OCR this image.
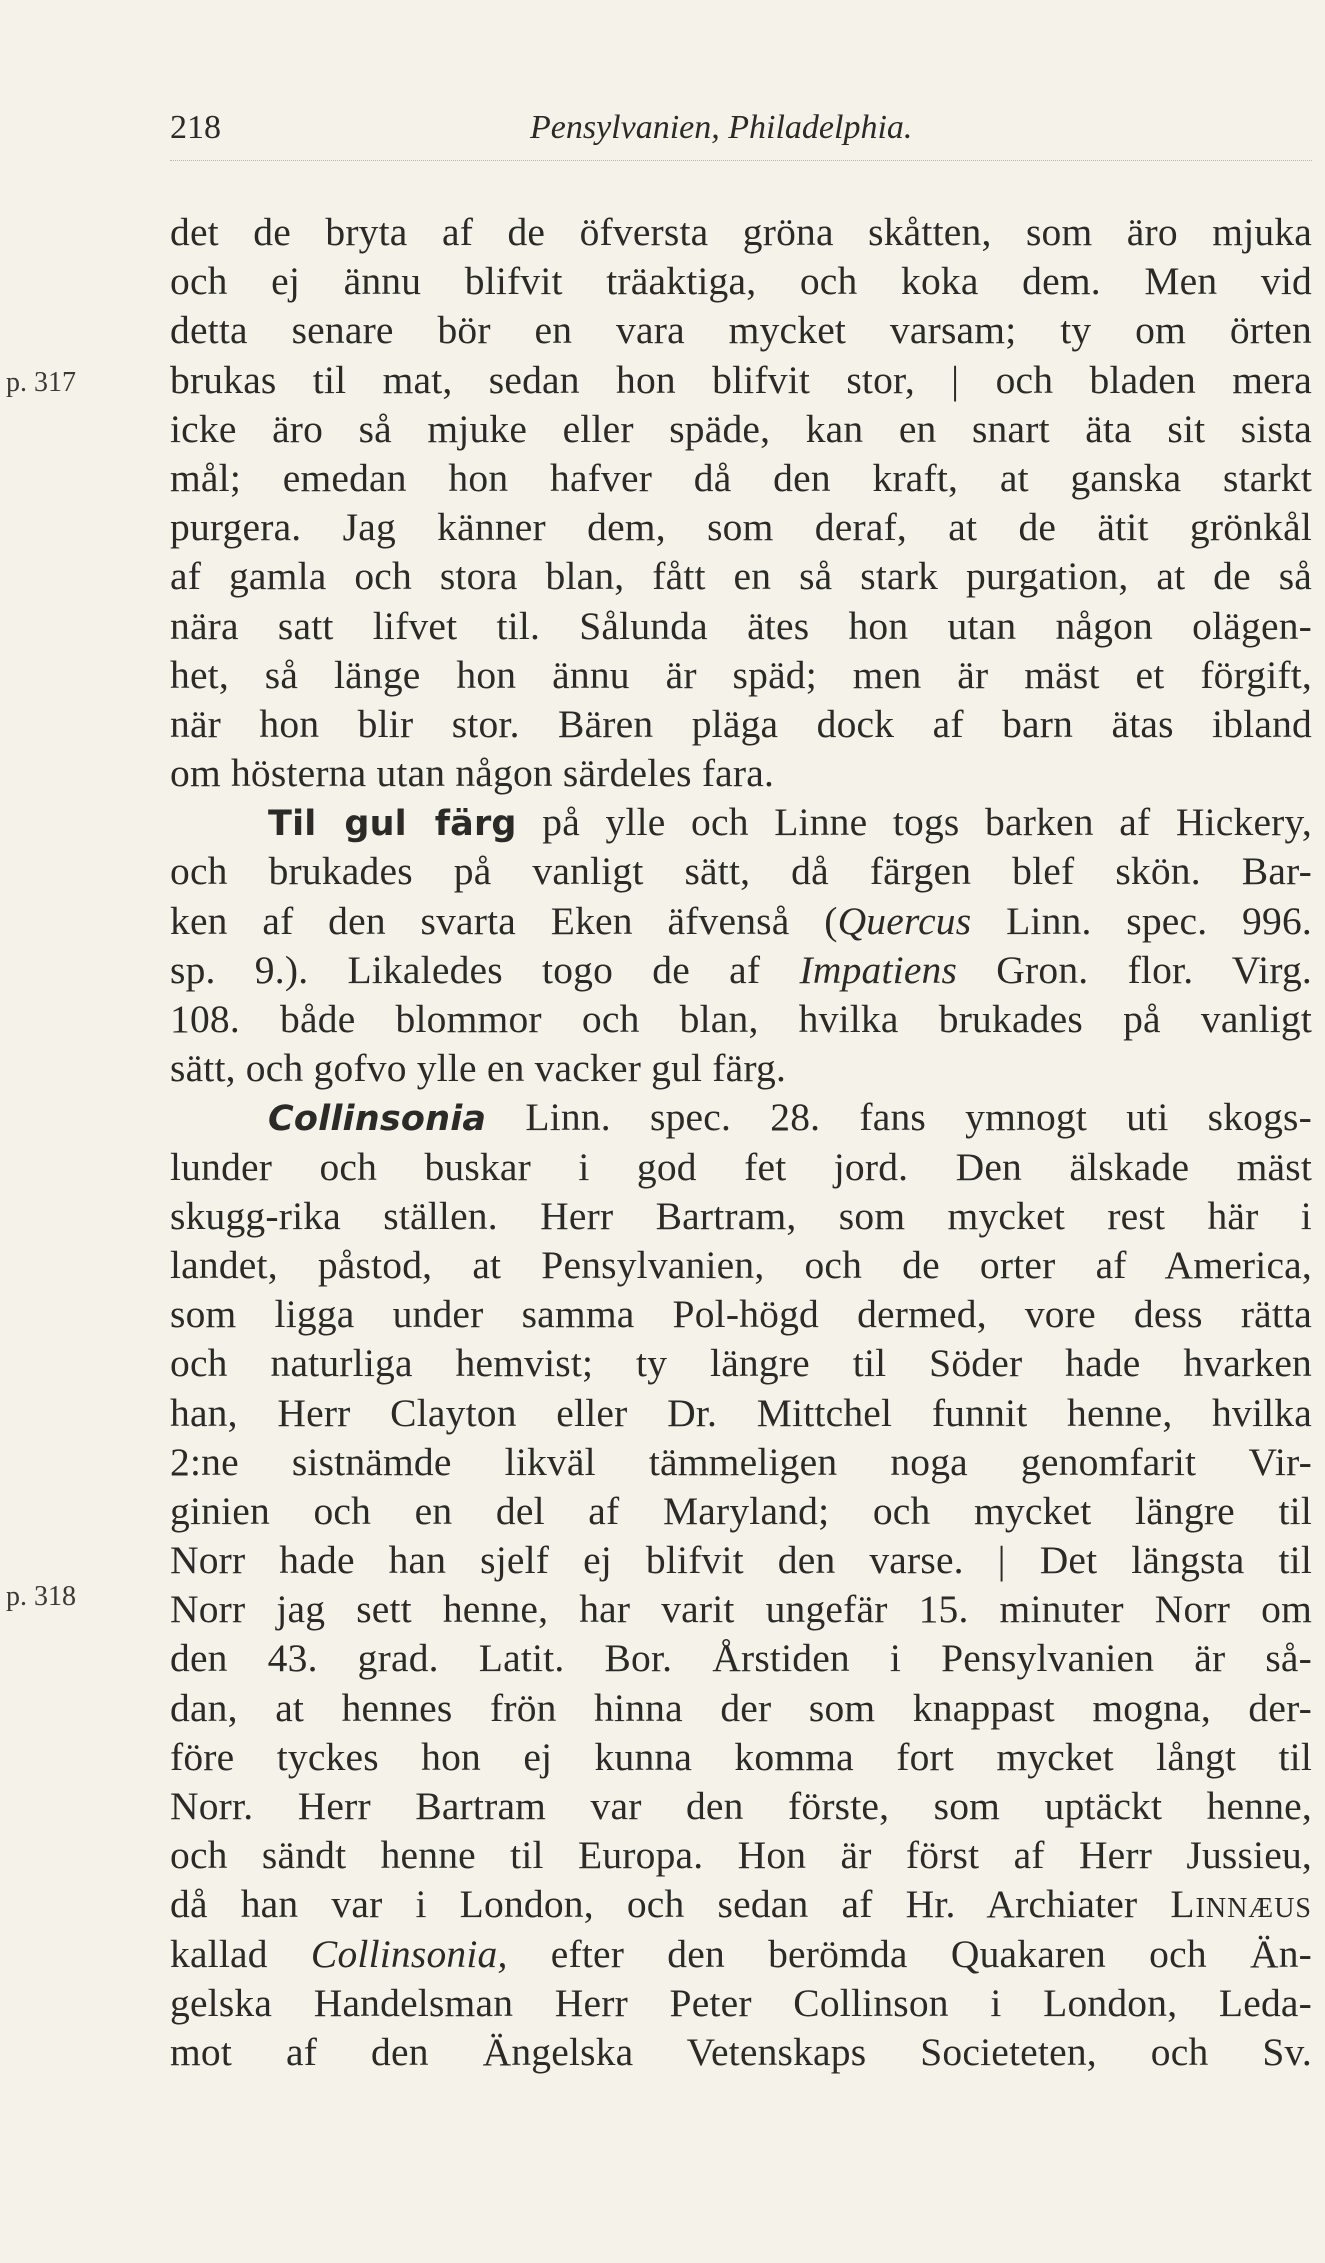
218	Pensylvanien, Philadelphia.
p. 317
p. 318
det de bryta af de öfversta gröna skåtten, som äro mjuka
och ej ännu blifvit träaktiga, och koka dem. Men vid
detta senare bör en vara mycket varsam; ty om örten
brukas til mat, sedan hon blifvit stor, | och bladen mera
icke äro så mjuke eller späde, kan en snart äta sit sista
mål; emedan hon hafver då den kraft, at ganska starkt
purgera. Jag känner dem, som deraf, at de ätit grönkål
af gamla och stora blan, fått en så stark purgation, at de så
nära satt lifvet til. Sålunda ätes hon utan någon olägen-
het, så länge hon ännu är späd; men är mäst et förgift,
när hon blir stor. Bären pläga dock af barn ätas ibland
om hösterna utan någon särdeles fara.
Til gul färg på ylle och Linne togs barken af Hickery,
och brukades på vanligt sätt, då färgen blef skön. Bar-
ken af den svarta Eken äfvenså (Quercus Linn. spec. 996.
sp. 9.). Likaledes togo de af Impatiens Gron. flor. Virg.
108. både blommor och blan, hvilka brukades på vanligt
sätt, och gofvo ylle en vacker gul färg.
Collinsonia Linn. spec. 28. fans ymnogt uti skogs-
lunder och buskar i god fet jord. Den älskade mäst
skugg-rika ställen. Herr Bartram, som mycket rest här i
landet, påstod, at Pensylvanien, och de orter af America,
som ligga under samma Pol-högd dermed, vore dess rätta
och naturliga hemvist; ty längre til Söder hade hvarken
han, Herr Clayton eller Dr. Mittchel funnit henne, hvilka
2:ne sistnämde likväl tämmeligen noga genomfarit Vir-
ginien och en del af Maryland; och mycket längre til
Norr hade han sjelf ej blifvit den varse. | Det längsta til
Norr jag sett henne, har varit ungefär 15. minuter Norr om
den 43. grad. Latit. Bor. Årstiden i Pensylvanien är så-
dan, at hennes frön hinna der som knappast mogna, der-
före tyckes hon ej kunna komma fort mycket långt til
Norr. Herr Bartram var den förste, som uptäckt henne,
och sändt henne til Europa. Hon är först af Herr Jussieu,
då han var i London, och sedan af Hr. Archiater Linnæus
kallad Collinsonia, efter den berömda Quakaren och Än-
gelska Handelsman Herr Peter Collinson i London, Leda-
mot af den Ängelska Vetenskaps Societeten, och Sv.
